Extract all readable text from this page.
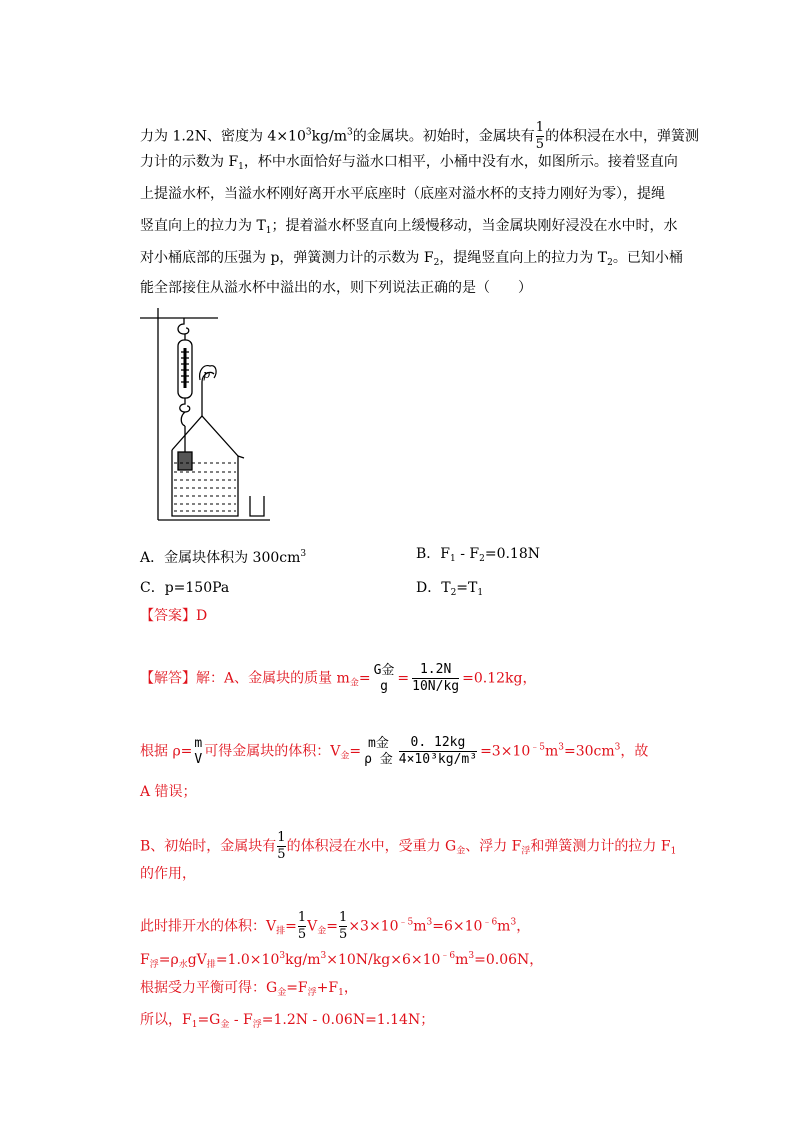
力为 1.2N、密度为 $4\times 10^3kg/m^3$的金属块。初始时，金属块有 $\frac{1}{5}$ 的体积浸在水中，弹簧测
力计的示数为 $F_1$，杯中水面恰好与溢水口相平，小桶中没有水，如图所示。接着竖直向
上提溢水杯，当溢水杯刚好离开水平底座时（底座对溢水杯的支持力刚好为零），提绳
竖直向上的拉力为 $T_1$；提着溢水杯竖直向上缓慢移动，当金属块刚好浸没在水中时，水
对小桶底部的压强为 p，弹簧测力计的示数为 $F_2$，提绳竖直向上的拉力为 $T_2$。已知小桶
能全部接住从溢水杯中溢出的水，则下列说法正确的是（　　）
p
A．金属块体积为 $300cm^3$	B．$F_1 - F_2=0.18N$
C．p=150Pa	D．$T_2=T_1$
【答案】D
【解答】解：A、金属块的质量 $m_金=$
G金
$g = \frac{1.2N}{10N/kg} =0.12kg$，
根据 ρ=
m
V 可得金属块的体积：$V_金=$
m金
ρ 金 $\frac{0. 12kg}{\text{4×10³kg/m³}} =3\times 10^{﹣5}m^3=30cm^3$，故
A 错误；
B、初始时，金属块有 $\frac{1}{5}$ 的体积浸在水中，受重力 $G_金$、浮力 $F_浮$和弹簧测力计的拉力 $F_1$
的作用，
此时排开水的体积：$V_排= \frac{1}{5} V_金= \frac{1}{5} \times 3\times 10^{﹣5}m^3=6\times 10^{﹣6}m^3$，
$F_浮=\rho_水gV_排=1.0\times 10^3kg/m^3\times 10N/kg\times 6\times 10^{﹣6}m^3=0.06N$，
根据受力平衡可得：$G_金=F_浮+F_1$，
所以，$F_1=G_金 - F_浮=1.2N - 0.06N=1.14N$；
